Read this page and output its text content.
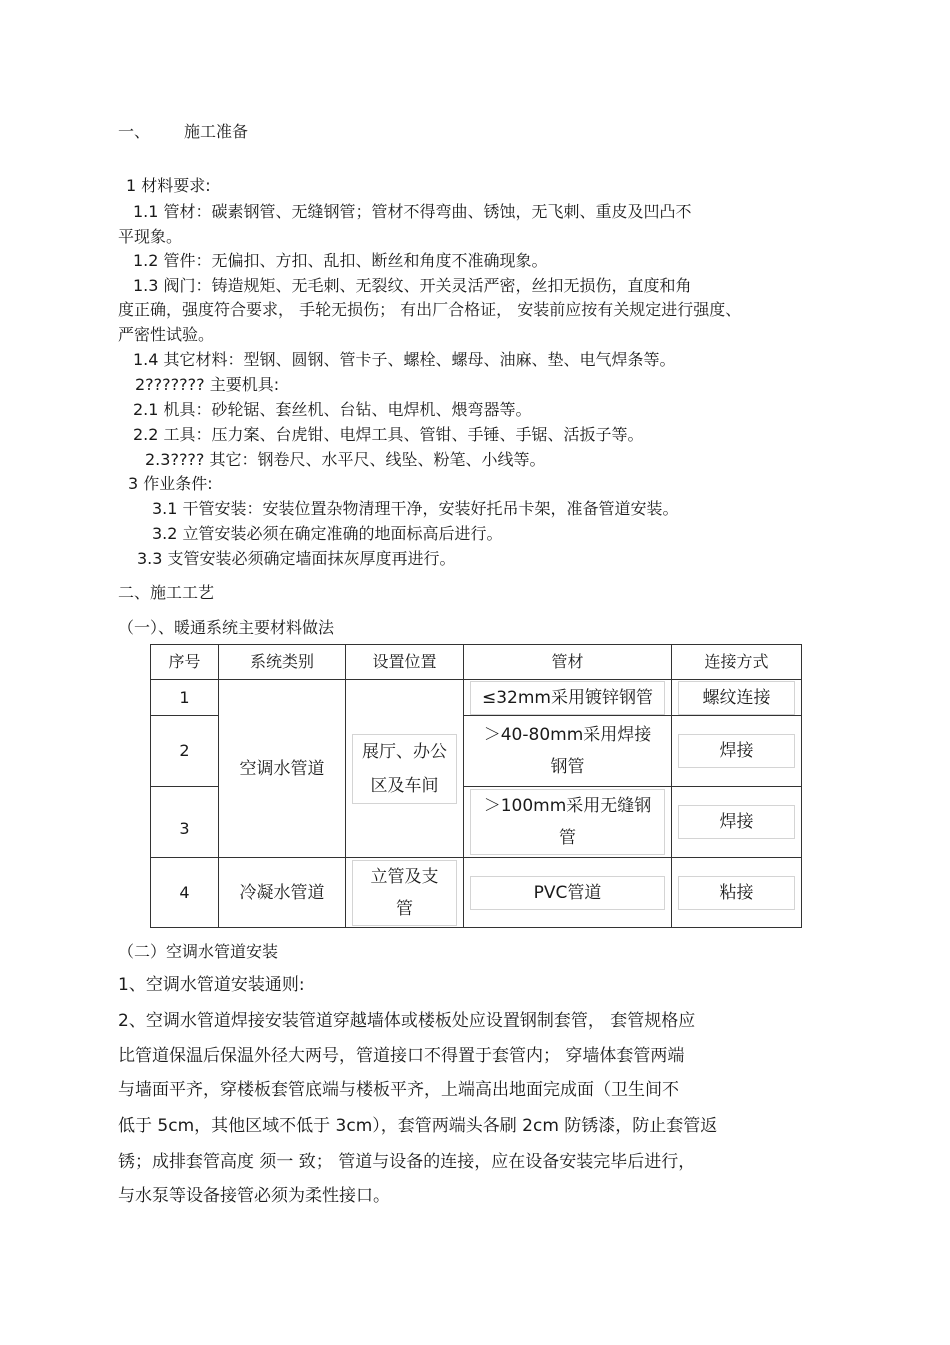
一、 施工准备
1 材料要求:
1.1 管材：碳素钢管、无缝钢管；管材不得弯曲、锈蚀，无飞刺、重皮及凹凸不
平现象。
1.2 管件：无偏扣、方扣、乱扣、断丝和角度不准确现象。
1.3 阀门：铸造规矩、无毛刺、无裂纹、开关灵活严密，丝扣无损伤，直度和角
度正确，强度符合要求， 手轮无损伤； 有出厂合格证， 安装前应按有关规定进行强度、
严密性试验。
1.4 其它材料：型钢、圆钢、管卡子、螺栓、螺母、油麻、垫、电气焊条等。
2??????? 主要机具:
2.1 机具：砂轮锯、套丝机、台钻、电焊机、煨弯器等。
2.2 工具：压力案、台虎钳、电焊工具、管钳、手锤、手锯、活扳子等。
2.3???? 其它：钢卷尺、水平尺、线坠、粉笔、小线等。
3 作业条件:
3.1 干管安装：安装位置杂物清理干净，安装好托吊卡架，准备管道安装。
3.2 立管安装必须在确定准确的地面标高后进行。
3.3 支管安装必须确定墙面抹灰厚度再进行。
二、施工工艺
（一）、暖通系统主要材料做法
序号	系统类别	设置位置	管材	连接方式
1	空调水管道	展厅、办公
区及车间	≤32mm采用镀锌钢管	螺纹连接

2			＞40-80mm采用焊接
钢管	焊接

3			＞100mm采用无缝钢
管	焊接

4	冷凝水管道	立管及支
管	PVC管道	粘接
（二）空调水管道安装
1、空调水管道安装通则:
2、空调水管道焊接安装管道穿越墙体或楼板处应设置钢制套管， 套管规格应
比管道保温后保温外径大两号，管道接口不得置于套管内； 穿墙体套管两端
与墙面平齐，穿楼板套管底端与楼板平齐，上端高出地面完成面（卫生间不
低于 5cm，其他区域不低于 3cm），套管两端头各刷 2cm 防锈漆，防止套管返
锈；成排套管高度 须一 致； 管道与设备的连接，应在设备安装完毕后进行，
与水泵等设备接管必须为柔性接口。
